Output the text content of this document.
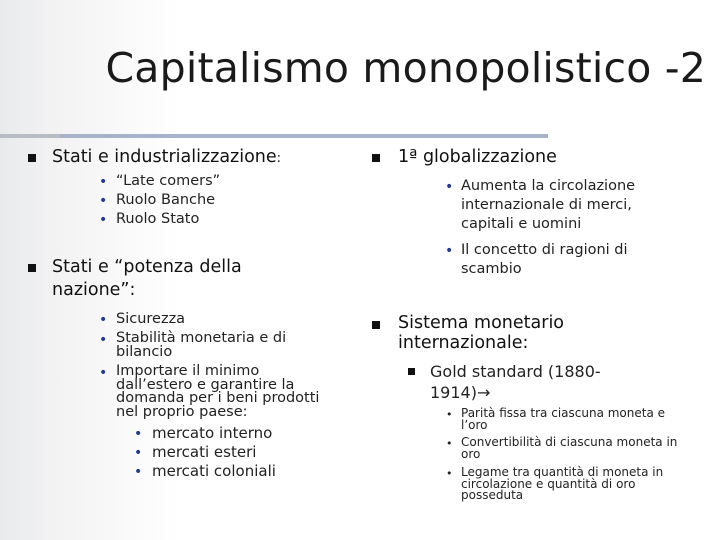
Capitalismo monopolistico -2
Stati e industrializzazione:
• “Late comers”
• Ruolo Banche
• Ruolo Stato
Stati e “potenza della
nazione”:
• Sicurezza
• Stabilità monetaria e di
bilancio
• Importare il minimo
dall’estero e garantire la
domanda per i beni prodotti
nel proprio paese:
• mercato interno
• mercati esteri
• mercati coloniali
1ª globalizzazione
• Aumenta la circolazione
internazionale di merci,
capitali e uomini
• Il concetto di ragioni di
scambio
Sistema monetario
internazionale:
Gold standard (1880-
1914)→
• Parità fissa tra ciascuna moneta e
l’oro
• Convertibilità di ciascuna moneta in
oro
• Legame tra quantità di moneta in
circolazione e quantità di oro
posseduta
